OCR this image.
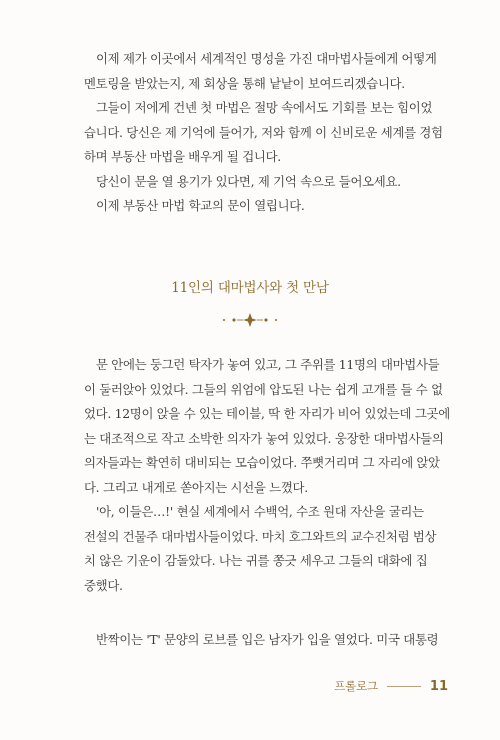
이제 제가 이곳에서 세계적인 명성을 가진 대마법사들에게 어떻게
멘토링을 받았는지, 제 회상을 통해 낱낱이 보여드리겠습니다.
그들이 저에게 건넨 첫 마법은 절망 속에서도 기회를 보는 힘이었
습니다. 당신은 제 기억에 들어가, 저와 함께 이 신비로운 세계를 경험
하며 부동산 마법을 배우게 될 겁니다.
당신이 문을 열 용기가 있다면, 제 기억 속으로 들어오세요.
이제 부동산 마법 학교의 문이 열립니다.
11인의 대마법사와 첫 만남
문 안에는 둥그런 탁자가 놓여 있고, 그 주위를 11명의 대마법사들
이 둘러앉아 있었다. 그들의 위엄에 압도된 나는 쉽게 고개를 들 수 없
었다. 12명이 앉을 수 있는 테이블, 딱 한 자리가 비어 있었는데 그곳에
는 대조적으로 작고 소박한 의자가 놓여 있었다. 웅장한 대마법사들의
의자들과는 확연히 대비되는 모습이었다. 쭈뼛거리며 그 자리에 앉았
다. 그리고 내게로 쏟아지는 시선을 느꼈다.
'아, 이들은…!' 현실 세계에서 수백억, 수조 원대 자산을 굴리는
전설의 건물주 대마법사들이었다. 마치 호그와트의 교수진처럼 범상
치 않은 기운이 감돌았다. 나는 귀를 쫑긋 세우고 그들의 대화에 집
중했다.
반짝이는 'T' 문양의 로브를 입은 남자가 입을 열었다. 미국 대통령
프롤로그	11
